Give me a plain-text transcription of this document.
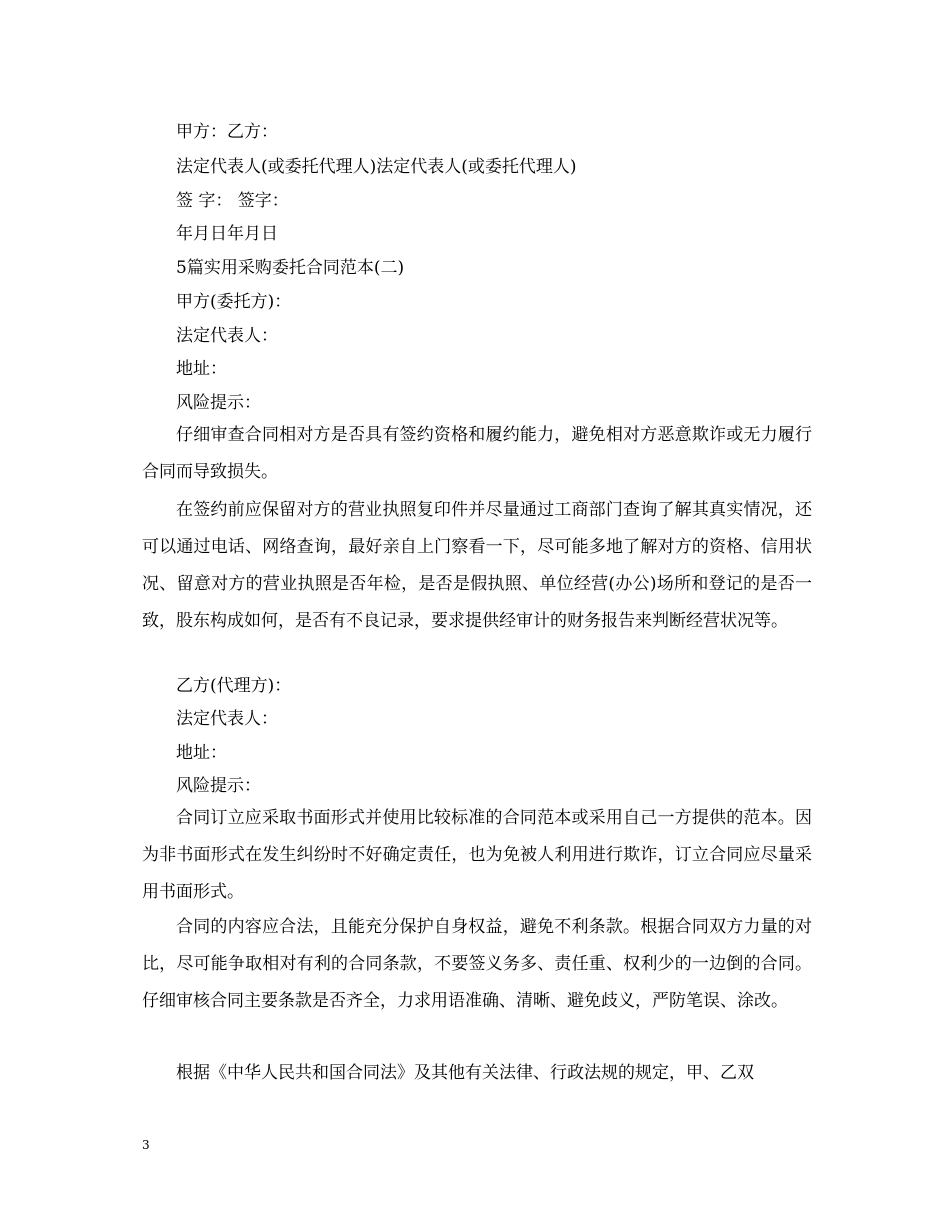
甲方：乙方：
法定代表人(或委托代理人)法定代表人(或委托代理人)
签 字： 签字：
年月日年月日
5篇实用采购委托合同范本(二)
甲方(委托方)：
法定代表人：
地址：
风险提示：
仔细审查合同相对方是否具有签约资格和履约能力，避免相对方恶意欺诈或无力履行合同而导致损失。
在签约前应保留对方的营业执照复印件并尽量通过工商部门查询了解其真实情况，还可以通过电话、网络查询，最好亲自上门察看一下，尽可能多地了解对方的资格、信用状况、留意对方的营业执照是否年检，是否是假执照、单位经营(办公)场所和登记的是否一致，股东构成如何，是否有不良记录，要求提供经审计的财务报告来判断经营状况等。
乙方(代理方)：
法定代表人：
地址：
风险提示：
合同订立应采取书面形式并使用比较标准的合同范本或采用自己一方提供的范本。因为非书面形式在发生纠纷时不好确定责任，也为免被人利用进行欺诈，订立合同应尽量采用书面形式。
合同的内容应合法，且能充分保护自身权益，避免不利条款。根据合同双方力量的对比，尽可能争取相对有利的合同条款，不要签义务多、责任重、权利少的一边倒的合同。仔细审核合同主要条款是否齐全，力求用语准确、清晰、避免歧义，严防笔误、涂改。
根据《中华人民共和国合同法》及其他有关法律、行政法规的规定，甲、乙双
3
